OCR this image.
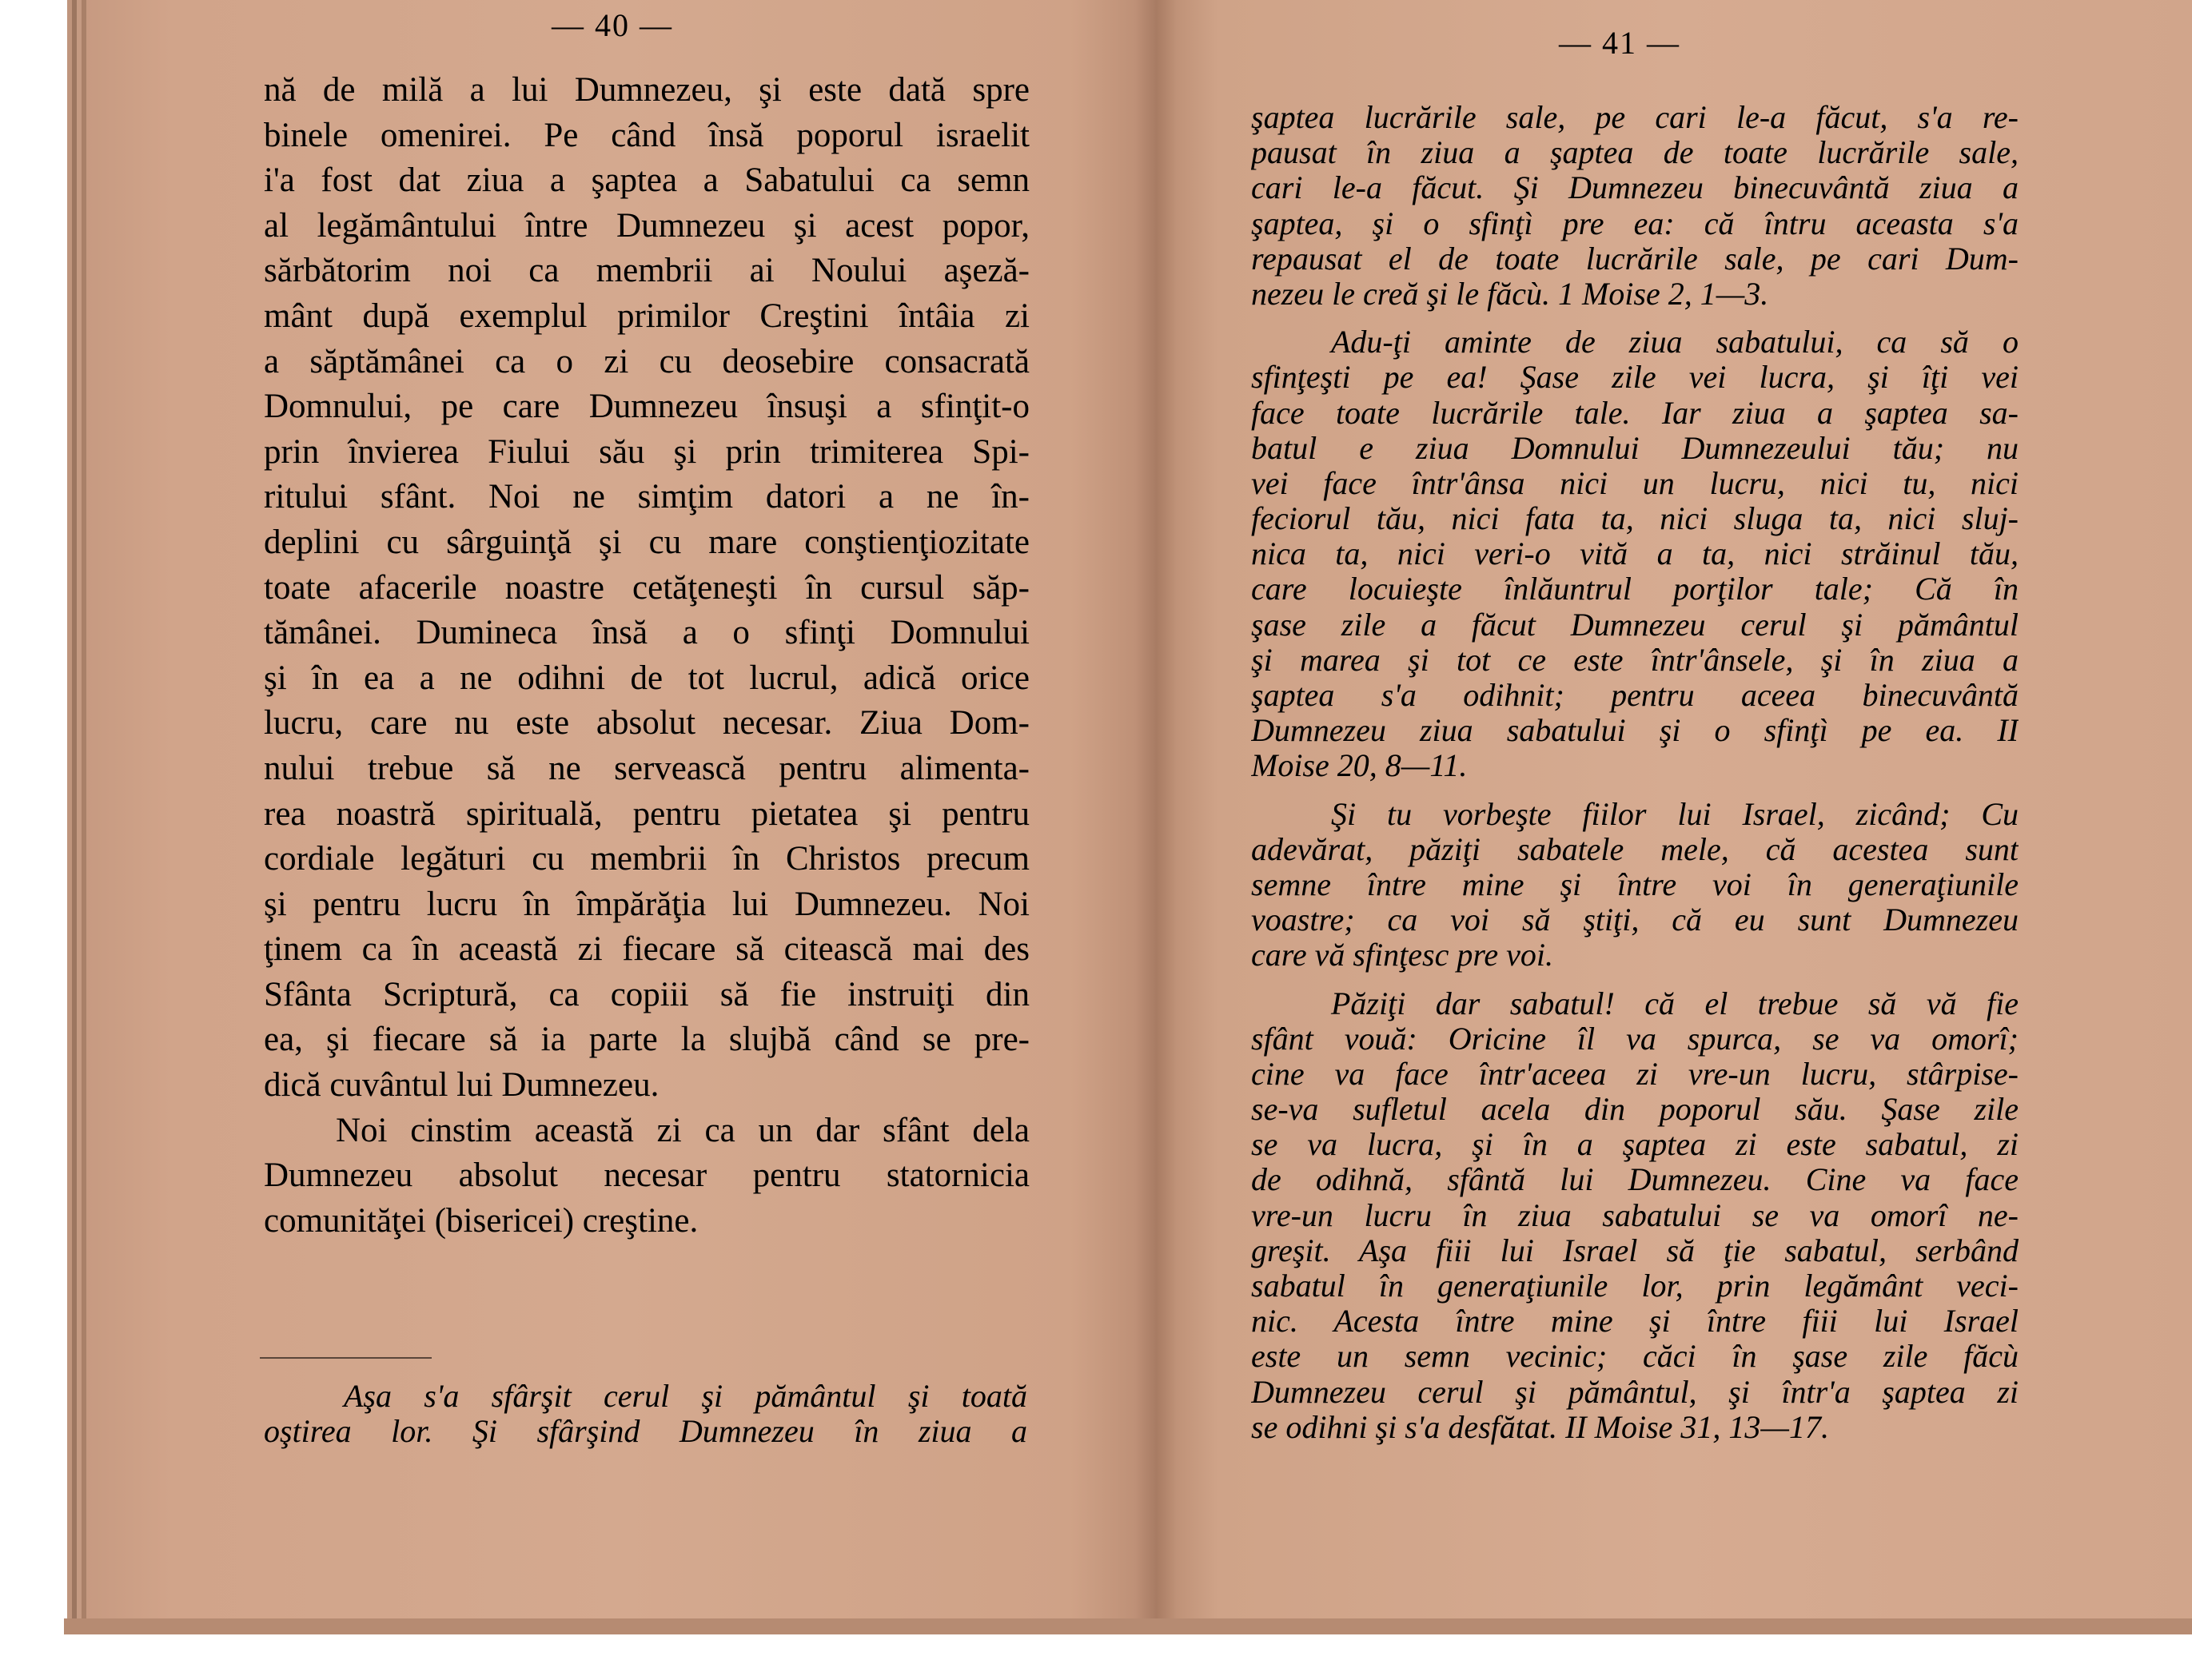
— 40 —
nă de milă a lui Dumnezeu, şi este dată spre
binele omenirei. Pe când însă poporul israelit
i'a fost dat ziua a şaptea a Sabatului ca semn
al legământului între Dumnezeu şi acest popor,
sărbătorim noi ca membrii ai Noului aşeză-
mânt după exemplul primilor Creştini întâia zi
a săptămânei ca o zi cu deosebire consacrată
Domnului, pe care Dumnezeu însuşi a sfinţit-o
prin învierea Fiului său şi prin trimiterea Spi-
ritului sfânt. Noi ne simţim datori a ne în-
deplini cu sârguinţă şi cu mare conştienţiozitate
toate afacerile noastre cetăţeneşti în cursul săp-
tămânei. Dumineca însă a o sfinţi Domnului
şi în ea a ne odihni de tot lucrul, adică orice
lucru, care nu este absolut necesar. Ziua Dom-
nului trebue să ne servească pentru alimenta-
rea noastră spirituală, pentru pietatea şi pentru
cordiale legături cu membrii în Christos precum
şi pentru lucru în împărăţia lui Dumnezeu. Noi
ţinem ca în această zi fiecare să citească mai des
Sfânta Scriptură, ca copiii să fie instruiţi din
ea, şi fiecare să ia parte la slujbă când se pre-
dică cuvântul lui Dumnezeu.
Noi cinstim această zi ca un dar sfânt dela
Dumnezeu absolut necesar pentru statornicia
comunităţei (bisericei) creştine.
Aşa s'a sfârşit cerul şi pământul şi toată
oştirea lor. Şi sfârşind Dumnezeu în ziua a
— 41 —
şaptea lucrările sale, pe cari le-a făcut, s'a re-
pausat în ziua a şaptea de toate lucrările sale,
cari le-a făcut. Şi Dumnezeu binecuvântă ziua a
şaptea, şi o sfinţì pre ea: că întru aceasta s'a
repausat el de toate lucrările sale, pe cari Dum-
nezeu le creă şi le făcù. 1 Moise 2, 1—3.
Adu-ţi aminte de ziua sabatului, ca să o
sfinţeşti pe ea! Şase zile vei lucra, şi îţi vei
face toate lucrările tale. Iar ziua a şaptea sa-
batul e ziua Domnului Dumnezeului tău; nu
vei face într'ânsa nici un lucru, nici tu, nici
feciorul tău, nici fata ta, nici sluga ta, nici sluj-
nica ta, nici veri-o vită a ta, nici străinul tău,
care locuieşte înlăuntrul porţilor tale; Că în
şase zile a făcut Dumnezeu cerul şi pământul
şi marea şi tot ce este într'ânsele, şi în ziua a
şaptea s'a odihnit; pentru aceea binecuvântă
Dumnezeu ziua sabatului şi o sfinţì pe ea. II
Moise 20, 8—11.
Şi tu vorbeşte fiilor lui Israel, zicând; Cu
adevărat, păziţi sabatele mele, că acestea sunt
semne între mine şi între voi în generaţiunile
voastre; ca voi să ştiţi, că eu sunt Dumnezeu
care vă sfinţesc pre voi.
Păziţi dar sabatul! că el trebue să vă fie
sfânt vouă: Oricine îl va spurca, se va omorî;
cine va face într'aceea zi vre-un lucru, stârpise-
se-va sufletul acela din poporul său. Şase zile
se va lucra, şi în a şaptea zi este sabatul, zi
de odihnă, sfântă lui Dumnezeu. Cine va face
vre-un lucru în ziua sabatului se va omorî ne-
greşit. Aşa fiii lui Israel să ţie sabatul, serbând
sabatul în generaţiunile lor, prin legământ veci-
nic. Acesta între mine şi între fiii lui Israel
este un semn vecinic; căci în şase zile făcù
Dumnezeu cerul şi pământul, şi într'a şaptea zi
se odihni şi s'a desfătat. II Moise 31, 13—17.
